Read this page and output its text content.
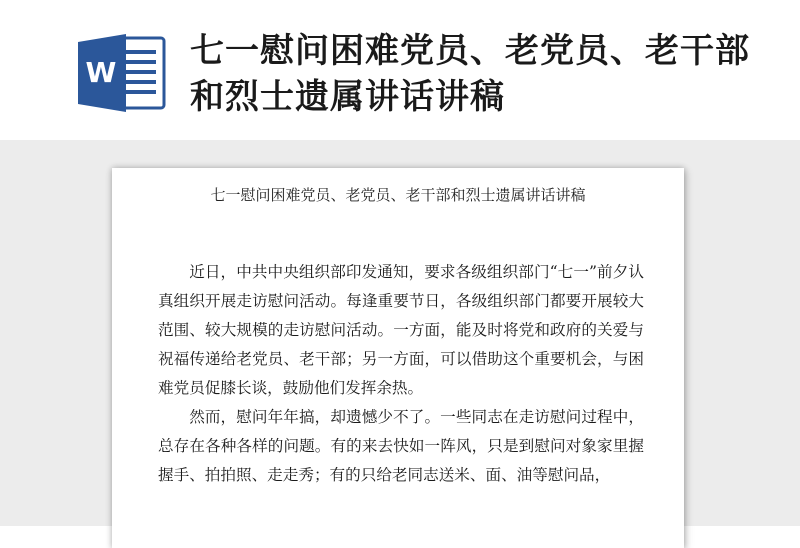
W
七一慰问困难党员、老党员、老干部和烈士遗属讲话讲稿

七一慰问困难党员、老党员、老干部和烈士遗属讲话讲稿

近日，中共中央组织部印发通知，要求各级组织部门“七一”前夕认真组织开展走访慰问活动。每逢重要节日，各级组织部门都要开展较大范围、较大规模的走访慰问活动。一方面，能及时将党和政府的关爱与祝福传递给老党员、老干部；另一方面，可以借助这个重要机会，与困难党员促膝长谈，鼓励他们发挥余热。

然而，慰问年年搞，却遗憾少不了。一些同志在走访慰问过程中，总存在各种各样的问题。有的来去快如一阵风，只是到慰问对象家里握握手、拍拍照、走走秀；有的只给老同志送米、面、油等慰问品，
